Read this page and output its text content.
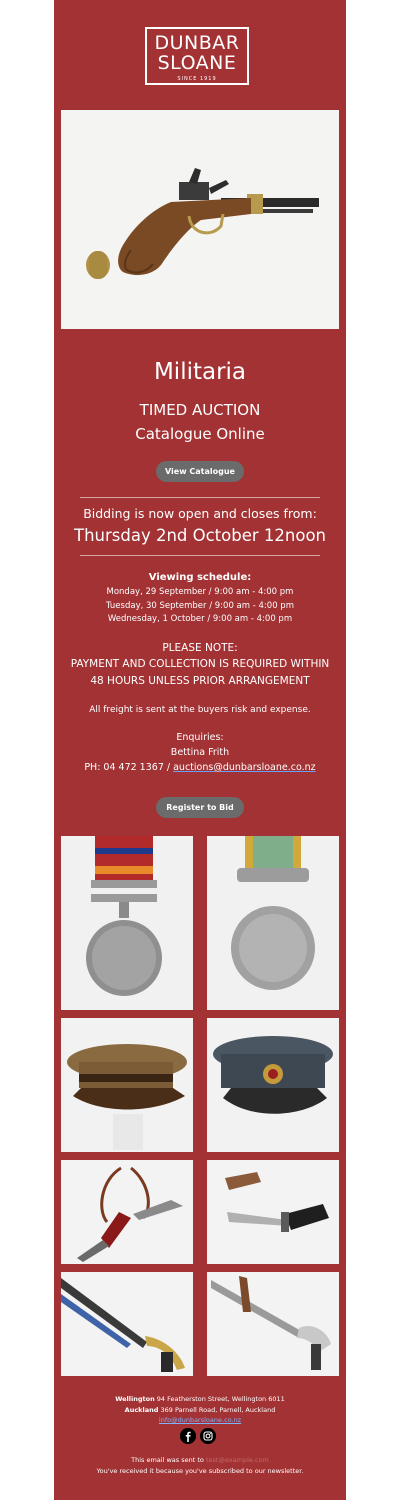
DUNBAR
SLOANE
SINCE 1919
Militaria
TIMED AUCTION
Catalogue Online
View Catalogue
Bidding is now open and closes from:
Thursday 2nd October 12noon
Viewing schedule:
Monday, 29 September / 9:00 am - 4:00 pm
Tuesday, 30 September / 9:00 am - 4:00 pm
Wednesday, 1 October / 9:00 am - 4:00 pm
PLEASE NOTE:
PAYMENT AND COLLECTION IS REQUIRED WITHIN
48 HOURS UNLESS PRIOR ARRANGEMENT
All freight is sent at the buyers risk and expense.
Enquiries:
Bettina Frith
PH: 04 472 1367 / auctions@dunbarsloane.co.nz
Register to Bid
Wellington 94 Featherston Street, Wellington 6011
Auckland 369 Parnell Road, Parnell, Auckland
info@dunbarsloane.co.nz
This email was sent to test@example.com
You've received it because you've subscribed to our newsletter.
